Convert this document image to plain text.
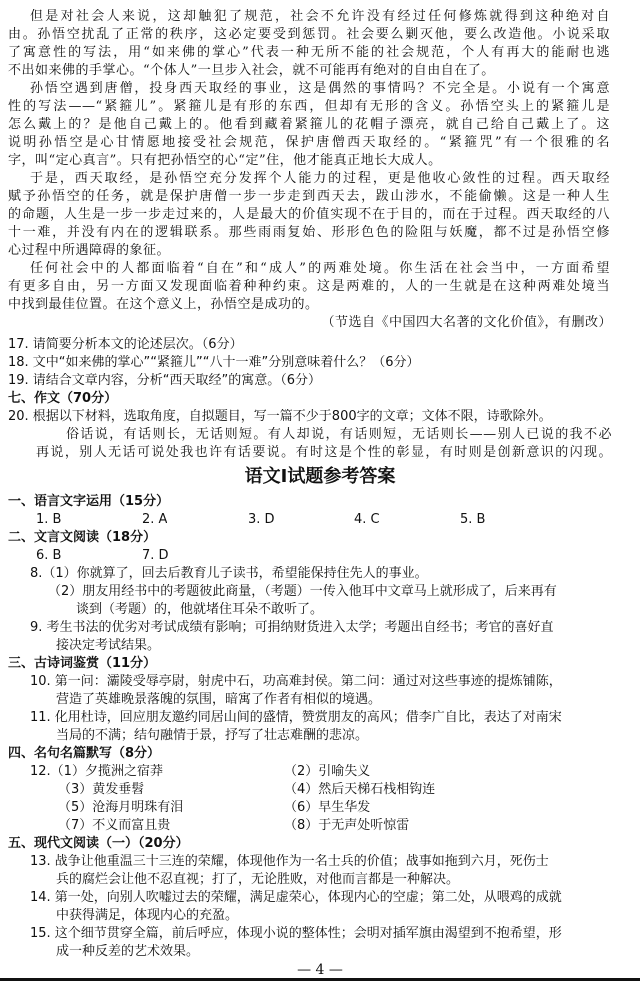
但是对社会人来说，这却触犯了规范，社会不允许没有经过任何修炼就得到这种绝对自
由。孙悟空扰乱了正常的秩序，这必定要受到惩罚。社会要么剿灭他，要么改造他。小说采取
了寓意性的写法，用“如来佛的掌心”代表一种无所不能的社会规范，个人有再大的能耐也逃
不出如来佛的手掌心。“个体人”一旦步入社会，就不可能再有绝对的自由自在了。
孙悟空遇到唐僧，投身西天取经的事业，这是偶然的事情吗？不完全是。小说有一个寓意
性的写法——“紧箍儿”。紧箍儿是有形的东西，但却有无形的含义。孙悟空头上的紧箍儿是
怎么戴上的？是他自己戴上的。他看到藏着紧箍儿的花帽子漂亮，就自己给自己戴上了。这
说明孙悟空是心甘情愿地接受社会规范，保护唐僧西天取经的。“紧箍咒”有一个很雅的名
字，叫“定心真言”。只有把孙悟空的心“定”住，他才能真正地长大成人。
于是，西天取经，是孙悟空充分发挥个人能力的过程，更是他收心敛性的过程。西天取经
赋予孙悟空的任务，就是保护唐僧一步一步走到西天去，跋山涉水，不能偷懒。这是一种人生
的命题，人生是一步一步走过来的，人是最大的价值实现不在于目的，而在于过程。西天取经的八
十一难，并没有内在的逻辑联系。那些雨雨复始、形形色色的险阻与妖魔，都不过是孙悟空修
心过程中所遇障碍的象征。
任何社会中的人都面临着“自在”和“成人”的两难处境。你生活在社会当中，一方面希望
有更多自由，另一方面又发现面临着种种约束。这是两难的，人的一生就是在这种两难处境当
中找到最佳位置。在这个意义上，孙悟空是成功的。
（节选自《中国四大名著的文化价值》，有删改）
17. 请简要分析本文的论述层次。（6分）
18. 文中“如来佛的掌心”“紧箍儿”“八十一难”分别意味着什么？（6分）
19. 请结合文章内容，分析“西天取经”的寓意。（6分）
七、作文（70分）
20. 根据以下材料，选取角度，自拟题目，写一篇不少于800字的文章；文体不限，诗歌除外。
俗话说，有话则长，无话则短。有人却说，有话则短，无话则长——别人已说的我不必
再说，别人无话可说处我也许有话要说。有时这是个性的彰显，有时则是创新意识的闪现。
语文Ⅰ试题参考答案
一、语言文字运用（15分）
1. B	2. A	3. D	4. C	5. B
二、文言文阅读（18分）
6. B	7. D
8.（1）你就算了，回去后教育儿子读书，希望能保持住先人的事业。
（2）朋友用经书中的考题彼此商量，（考题）一传入他耳中文章马上就形成了，后来再有
谈到（考题）的，他就堵住耳朵不敢听了。
9. 考生书法的优劣对考试成绩有影响；可捐纳财货进入太学；考题出自经书；考官的喜好直
接决定考试结果。
三、古诗词鉴赏（11分）
10. 第一问：灞陵受辱亭尉，射虎中石，功高难封侯。第二问：通过对这些事迹的提炼铺陈，
营造了英雄晚景落魄的氛围，暗寓了作者有相似的境遇。
11. 化用杜诗，回应朋友邀约同居山间的盛情，赞赏朋友的高风；借李广自比，表达了对南宋
当局的不满；结句融情于景，抒写了壮志难酬的悲凉。
四、名句名篇默写（8分）
12.（1）夕揽洲之宿莽	（2）引喻失义
（3）黄发垂髫	（4）然后天梯石栈相钩连
（5）沧海月明珠有泪	（6）早生华发
（7）不义而富且贵	（8）于无声处听惊雷
五、现代文阅读（一）（20分）
13. 战争让他重温三十三连的荣耀，体现他作为一名士兵的价值；战事如拖到六月，死伤士
兵的腐烂会让他不忍直视；打了，无论胜败，对他而言都是一种解决。
14. 第一处，向别人吹嘘过去的荣耀，满足虚荣心，体现内心的空虚；第二处，从喂鸡的成就
中获得满足，体现内心的充盈。
— 4 —
15. 这个细节贯穿全篇，前后呼应，体现小说的整体性；会明对插军旗由渴望到不抱希望，形
成一种反差的艺术效果。
